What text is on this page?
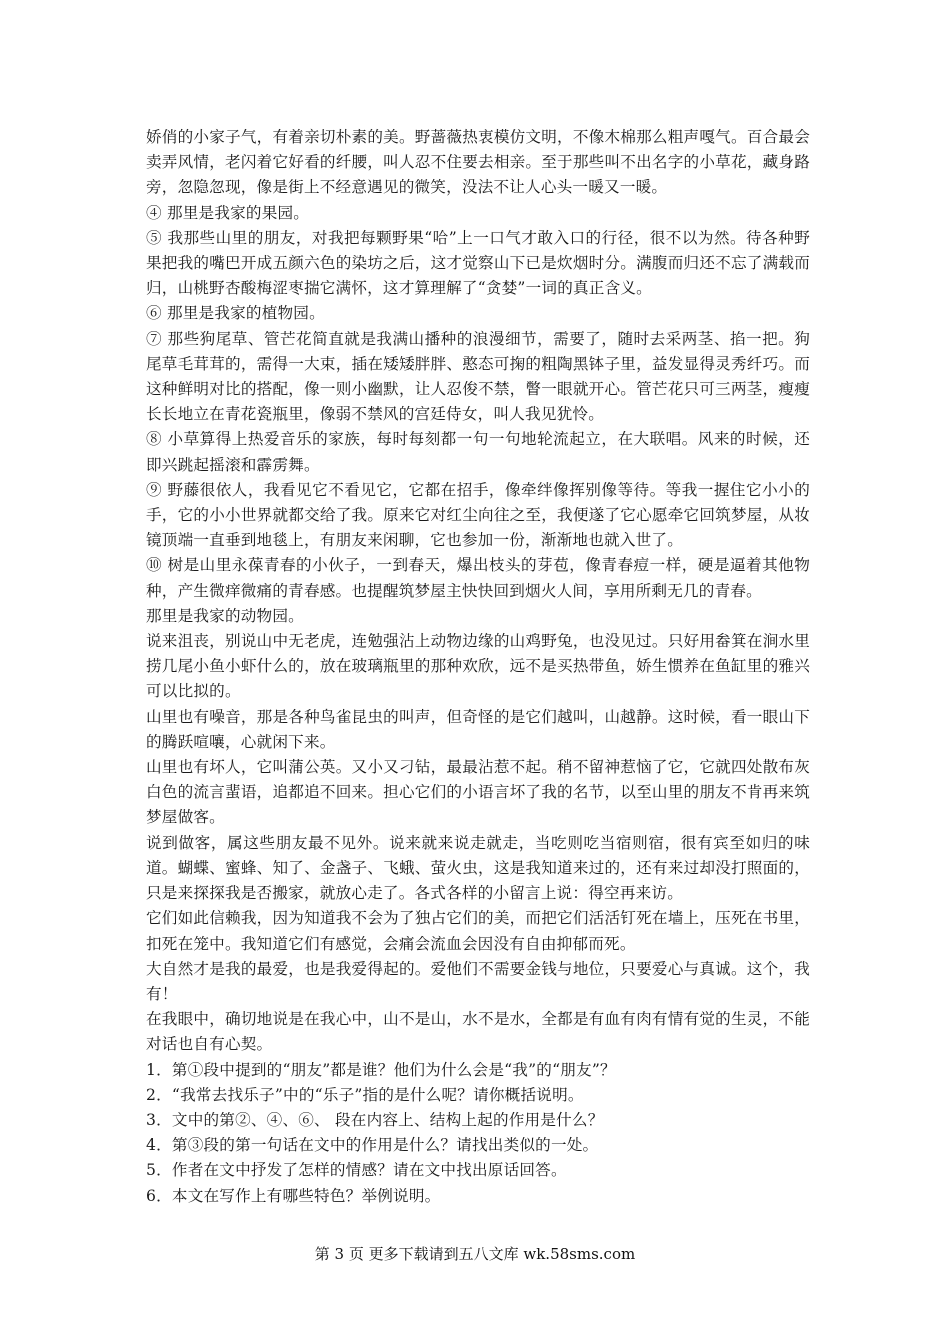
娇俏的小家子气，有着亲切朴素的美。野蔷薇热衷模仿文明，不像木棉那么粗声嘎气。百合最会卖弄风情，老闪着它好看的纤腰，叫人忍不住要去相亲。至于那些叫不出名字的小草花，藏身路旁，忽隐忽现，像是街上不经意遇见的微笑，没法不让人心头一暖又一暖。

④ 那里是我家的果园。

⑤ 我那些山里的朋友，对我把每颗野果“哈”上一口气才敢入口的行径，很不以为然。待各种野果把我的嘴巴开成五颜六色的染坊之后，这才觉察山下已是炊烟时分。满腹而归还不忘了满载而归，山桃野杏酸梅涩枣揣它满怀，这才算理解了“贪婪”一词的真正含义。

⑥ 那里是我家的植物园。

⑦ 那些狗尾草、管芒花简直就是我满山播种的浪漫细节，需要了，随时去采两茎、掐一把。狗尾草毛茸茸的，需得一大束，插在矮矮胖胖、憨态可掬的粗陶黑钵子里，益发显得灵秀纤巧。而这种鲜明对比的搭配，像一则小幽默，让人忍俊不禁，瞥一眼就开心。管芒花只可三两茎，瘦瘦长长地立在青花瓷瓶里，像弱不禁风的宫廷侍女，叫人我见犹怜。

⑧ 小草算得上热爱音乐的家族，每时每刻都一句一句地轮流起立，在大联唱。风来的时候，还即兴跳起摇滚和霹雳舞。

⑨ 野藤很依人，我看见它不看见它，它都在招手，像牵绊像挥别像等待。等我一握住它小小的手，它的小小世界就都交给了我。原来它对红尘向往之至，我便遂了它心愿牵它回筑梦屋，从妆镜顶端一直垂到地毯上，有朋友来闲聊，它也参加一份，渐渐地也就入世了。

⑩ 树是山里永葆青春的小伙子，一到春天，爆出枝头的芽苞，像青春痘一样，硬是逼着其他物种，产生微痒微痛的青春感。也提醒筑梦屋主快快回到烟火人间，享用所剩无几的青春。

那里是我家的动物园。

说来沮丧，别说山中无老虎，连勉强沾上动物边缘的山鸡野兔，也没见过。只好用畚箕在涧水里捞几尾小鱼小虾什么的，放在玻璃瓶里的那种欢欣，远不是买热带鱼，娇生惯养在鱼缸里的雅兴可以比拟的。

山里也有噪音，那是各种鸟雀昆虫的叫声，但奇怪的是它们越叫，山越静。这时候，看一眼山下的腾跃喧嚷，心就闲下来。

山里也有坏人，它叫蒲公英。又小又刁钻，最最沾惹不起。稍不留神惹恼了它，它就四处散布灰白色的流言蜚语，追都追不回来。担心它们的小语言坏了我的名节，以至山里的朋友不肯再来筑梦屋做客。

说到做客，属这些朋友最不见外。说来就来说走就走，当吃则吃当宿则宿，很有宾至如归的味道。蝴蝶、蜜蜂、知了、金盏子、飞蛾、萤火虫，这是我知道来过的，还有来过却没打照面的，只是来探探我是否搬家，就放心走了。各式各样的小留言上说：得空再来访。

它们如此信赖我，因为知道我不会为了独占它们的美，而把它们活活钉死在墙上，压死在书里，扣死在笼中。我知道它们有感觉，会痛会流血会因没有自由抑郁而死。

大自然才是我的最爱，也是我爱得起的。爱他们不需要金钱与地位，只要爱心与真诚。这个，我有！

在我眼中，确切地说是在我心中，山不是山，水不是水，全都是有血有肉有情有觉的生灵，不能对话也自有心契。

1．第①段中提到的“朋友”都是谁？他们为什么会是“我”的“朋友”？

2．“我常去找乐子”中的“乐子”指的是什么呢？请你概括说明。

3．文中的第②、④、⑥、 段在内容上、结构上起的作用是什么？

4．第③段的第一句话在文中的作用是什么？请找出类似的一处。

5．作者在文中抒发了怎样的情感？请在文中找出原话回答。

6．本文在写作上有哪些特色？举例说明。

第 3 页 更多下载请到五八文库 wk.58sms.com
